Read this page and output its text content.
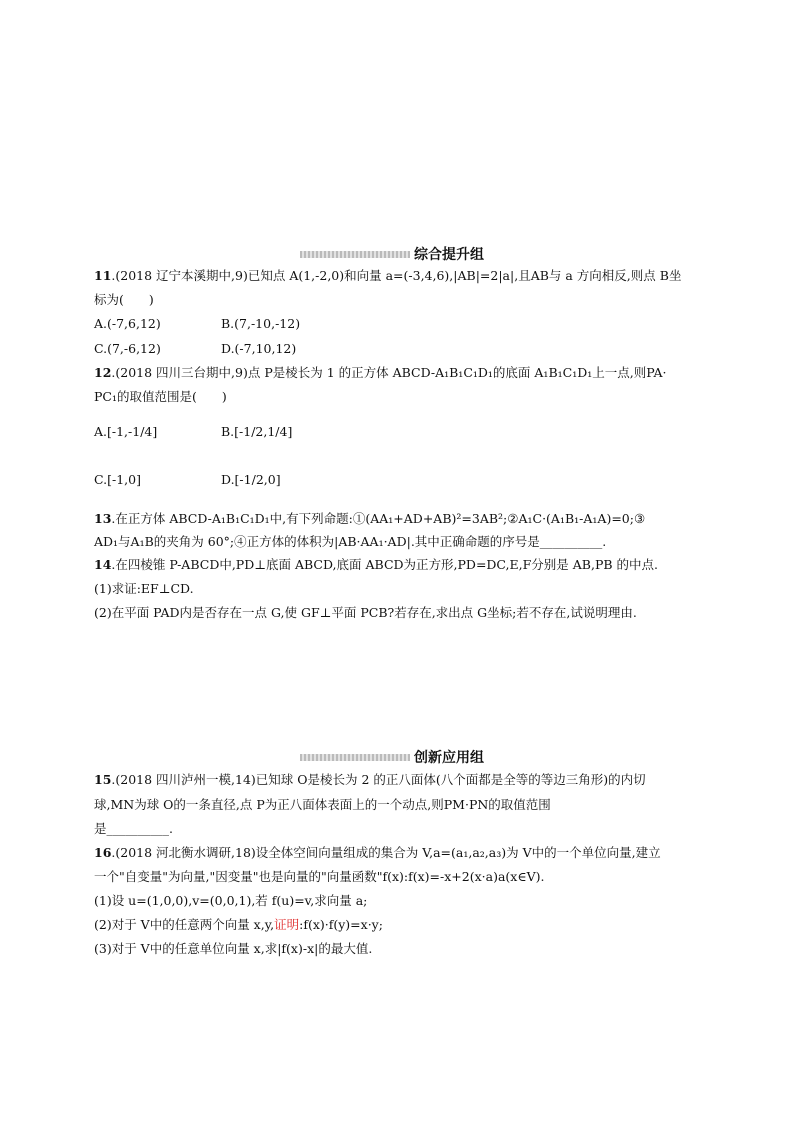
综合提升组
11.(2018 辽宁本溪期中,9)已知点 A(1,-2,0)和向量 a=(-3,4,6),|AB|=2|a|,且AB与 a 方向相反,则点 B坐
标为(　　)
A.(-7,6,12)	B.(7,-10,-12)
C.(7,-6,12)	D.(-7,10,12)
12.(2018 四川三台期中,9)点 P是棱长为 1 的正方体 ABCD-A₁B₁C₁D₁的底面 A₁B₁C₁D₁上一点,则PA·
PC₁的取值范围是(　　)
A.[-1,-1/4]	B.[-1/2,1/4]
C.[-1,0]	D.[-1/2,0]
13.在正方体 ABCD-A₁B₁C₁D₁中,有下列命题:①(AA₁+AD+AB)²=3AB²;②A₁C·(A₁B₁-A₁A)=0;③
AD₁与A₁B的夹角为 60°;④正方体的体积为|AB·AA₁·AD|.其中正确命题的序号是__________.
14.在四棱锥 P-ABCD中,PD⊥底面 ABCD,底面 ABCD为正方形,PD=DC,E,F分别是 AB,PB 的中点.
(1)求证:EF⊥CD.
(2)在平面 PAD内是否存在一点 G,使 GF⊥平面 PCB?若存在,求出点 G坐标;若不存在,试说明理由.
创新应用组
15.(2018 四川泸州一模,14)已知球 O是棱长为 2 的正八面体(八个面都是全等的等边三角形)的内切
球,MN为球 O的一条直径,点 P为正八面体表面上的一个动点,则PM·PN的取值范围
是__________.
16.(2018 河北衡水调研,18)设全体空间向量组成的集合为 V,a=(a₁,a₂,a₃)为 V中的一个单位向量,建立
一个"自变量"为向量,"因变量"也是向量的"向量函数"f(x):f(x)=-x+2(x·a)a(x∈V).
(1)设 u=(1,0,0),v=(0,0,1),若 f(u)=v,求向量 a;
(2)对于 V中的任意两个向量 x,y,证明:f(x)·f(y)=x·y;
(3)对于 V中的任意单位向量 x,求|f(x)-x|的最大值.
